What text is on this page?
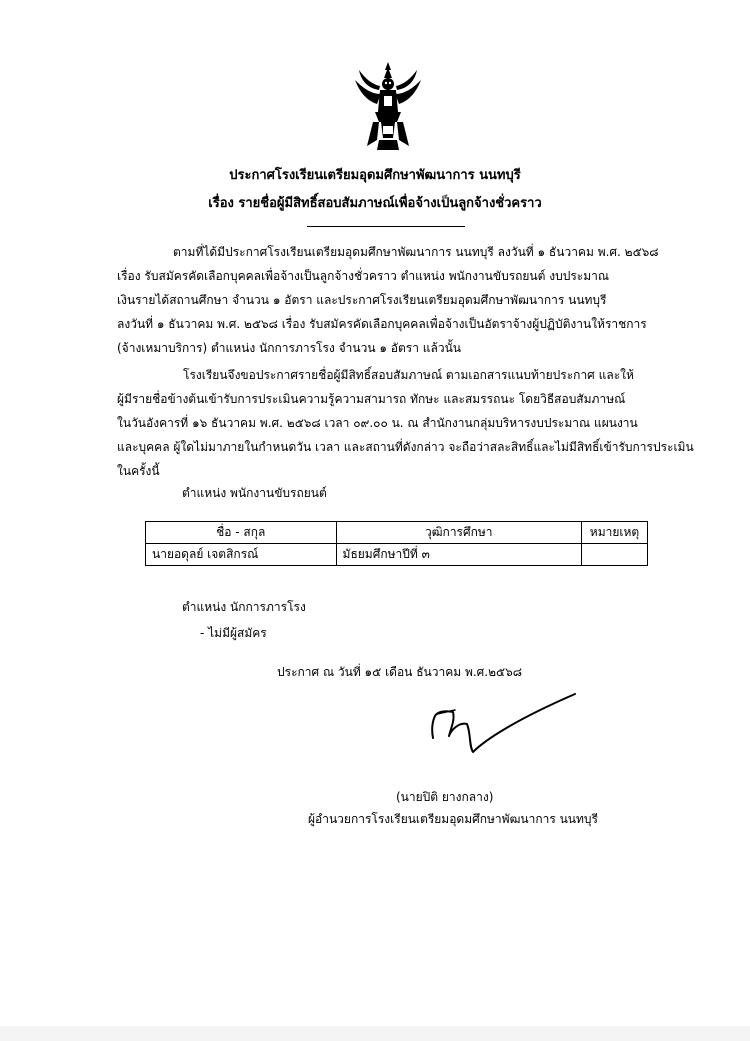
ประกาศโรงเรียนเตรียมอุดมศึกษาพัฒนาการ นนทบุรี
เรื่อง รายชื่อผู้มีสิทธิ์สอบสัมภาษณ์เพื่อจ้างเป็นลูกจ้างชั่วคราว

ตามที่ได้มีประกาศโรงเรียนเตรียมอุดมศึกษาพัฒนาการ นนทบุรี ลงวันที่ ๑ ธันวาคม พ.ศ. ๒๕๖๘
เรื่อง รับสมัครคัดเลือกบุคคลเพื่อจ้างเป็นลูกจ้างชั่วคราว ตำแหน่ง พนักงานขับรถยนต์ งบประมาณ
เงินรายได้สถานศึกษา จำนวน ๑ อัตรา และประกาศโรงเรียนเตรียมอุดมศึกษาพัฒนาการ นนทบุรี
ลงวันที่ ๑ ธันวาคม พ.ศ. ๒๕๖๘ เรื่อง รับสมัครคัดเลือกบุคคลเพื่อจ้างเป็นอัตราจ้างผู้ปฏิบัติงานให้ราชการ
(จ้างเหมาบริการ) ตำแหน่ง นักการภารโรง จำนวน ๑ อัตรา แล้วนั้น

โรงเรียนจึงขอประกาศรายชื่อผู้มีสิทธิ์สอบสัมภาษณ์ ตามเอกสารแนบท้ายประกาศ และให้
ผู้มีรายชื่อข้างต้นเข้ารับการประเมินความรู้ความสามารถ ทักษะ และสมรรถนะ โดยวิธีสอบสัมภาษณ์
ในวันอังคารที่ ๑๖ ธันวาคม พ.ศ. ๒๕๖๘ เวลา ๐๙.๐๐ น. ณ สำนักงานกลุ่มบริหารงบประมาณ แผนงาน
และบุคคล ผู้ใดไม่มาภายในกำหนดวัน เวลา และสถานที่ดังกล่าว จะถือว่าสละสิทธิ์และไม่มีสิทธิ์เข้ารับการประเมิน
ในครั้งนี้

ตำแหน่ง พนักงานขับรถยนต์
ชื่อ - สกุล	วุฒิการศึกษา	หมายเหตุ
นายอดุลย์ เจตสิกรณ์	มัธยมศึกษาปีที่ ๓	
ตำแหน่ง นักการภารโรง
- ไม่มีผู้สมัคร
ประกาศ ณ วันที่ ๑๕ เดือน ธันวาคม พ.ศ.๒๕๖๘
(นายปิติ ยางกลาง)
ผู้อำนวยการโรงเรียนเตรียมอุดมศึกษาพัฒนาการ นนทบุรี
